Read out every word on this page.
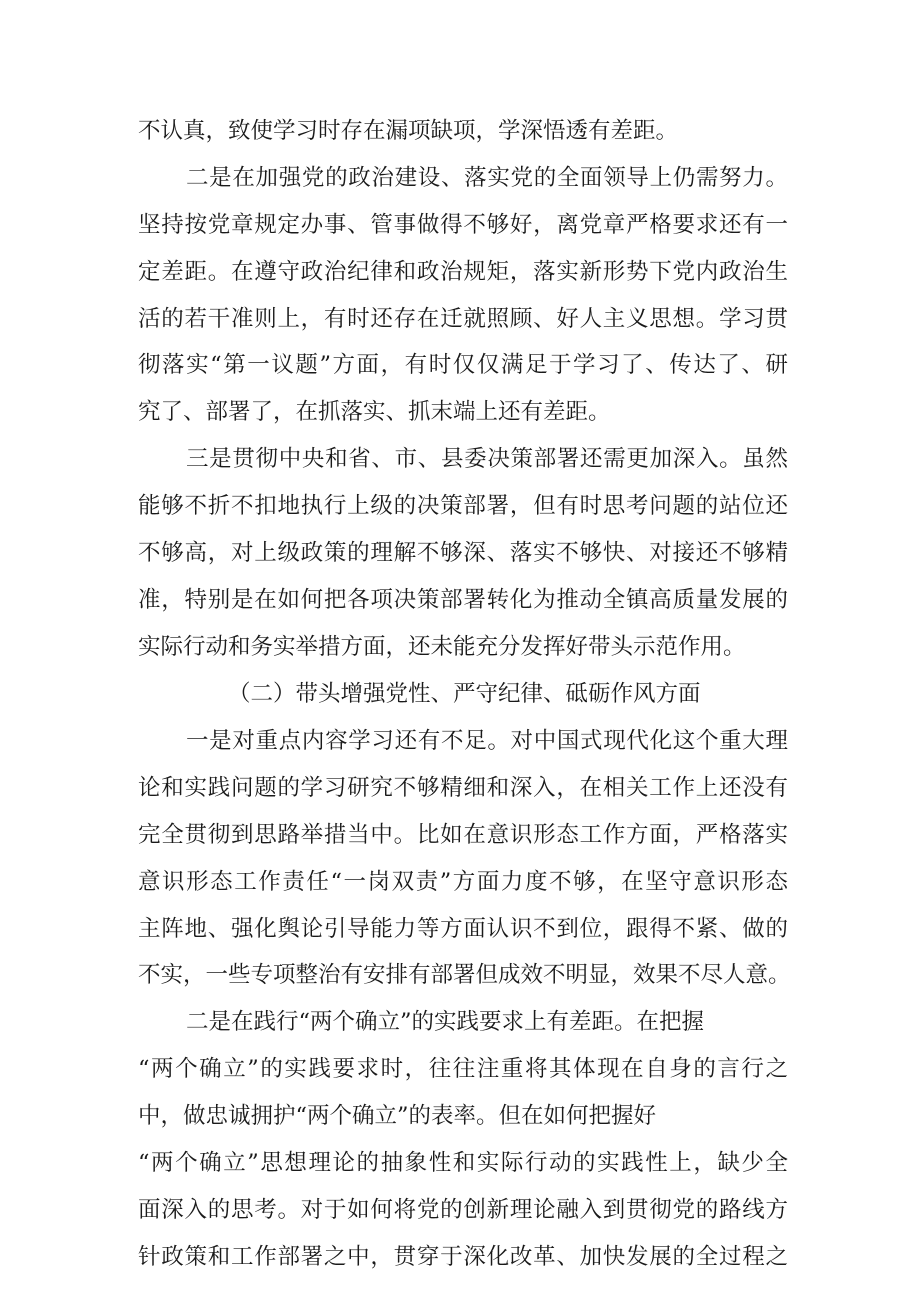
不认真，致使学习时存在漏项缺项，学深悟透有差距。
二是在加强党的政治建设、落实党的全面领导上仍需努力。
坚持按党章规定办事、管事做得不够好，离党章严格要求还有一
定差距。在遵守政治纪律和政治规矩，落实新形势下党内政治生
活的若干准则上，有时还存在迁就照顾、好人主义思想。学习贯
彻落实“第一议题”方面，有时仅仅满足于学习了、传达了、研
究了、部署了，在抓落实、抓末端上还有差距。
三是贯彻中央和省、市、县委决策部署还需更加深入。虽然
能够不折不扣地执行上级的决策部署，但有时思考问题的站位还
不够高，对上级政策的理解不够深、落实不够快、对接还不够精
准，特别是在如何把各项决策部署转化为推动全镇高质量发展的
实际行动和务实举措方面，还未能充分发挥好带头示范作用。
（二）带头增强党性、严守纪律、砥砺作风方面
一是对重点内容学习还有不足。对中国式现代化这个重大理
论和实践问题的学习研究不够精细和深入，在相关工作上还没有
完全贯彻到思路举措当中。比如在意识形态工作方面，严格落实
意识形态工作责任“一岗双责”方面力度不够，在坚守意识形态
主阵地、强化舆论引导能力等方面认识不到位，跟得不紧、做的
不实，一些专项整治有安排有部署但成效不明显，效果不尽人意。
二是在践行“两个确立”的实践要求上有差距。在把握
“两个确立”的实践要求时，往往注重将其体现在自身的言行之
中，做忠诚拥护“两个确立”的表率。但在如何把握好
“两个确立”思想理论的抽象性和实际行动的实践性上，缺少全
面深入的思考。对于如何将党的创新理论融入到贯彻党的路线方
针政策和工作部署之中，贯穿于深化改革、加快发展的全过程之
